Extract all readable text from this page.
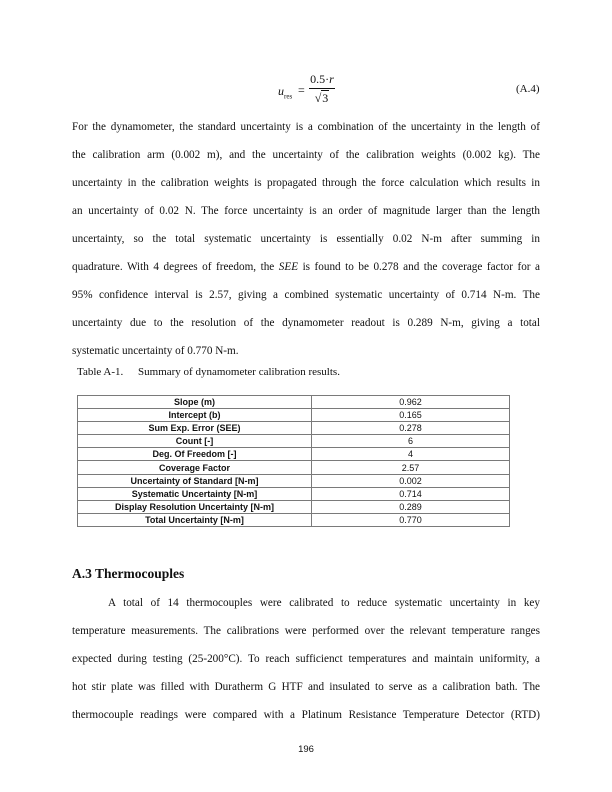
$u_{res} = \frac{0.5\cdot r}{√3}$	(A.4)
For the dynamometer, the standard uncertainty is a combination of the uncertainty in the length of
the calibration arm (0.002 m), and the uncertainty of the calibration weights (0.002 kg). The
uncertainty in the calibration weights is propagated through the force calculation which results in
an uncertainty of 0.02 N. The force uncertainty is an order of magnitude larger than the length
uncertainty, so the total systematic uncertainty is essentially 0.02 N-m after summing in
quadrature. With 4 degrees of freedom, the SEE is found to be 0.278 and the coverage factor for a
95% confidence interval is 2.57, giving a combined systematic uncertainty of 0.714 N-m. The
uncertainty due to the resolution of the dynamometer readout is 0.289 N-m, giving a total
systematic uncertainty of 0.770 N-m.
Table A-1. Summary of dynamometer calibration results.
Slope (m)	0.962
Intercept (b)	0.165
Sum Exp. Error (SEE)	0.278
Count [-]	6
Deg. Of Freedom [-]	4
Coverage Factor	2.57
Uncertainty of Standard [N-m]	0.002
Systematic Uncertainty [N-m]	0.714
Display Resolution Uncertainty [N-m]	0.289
Total Uncertainty [N-m]	0.770
A.3 Thermocouples
A total of 14 thermocouples were calibrated to reduce systematic uncertainty in key
temperature measurements. The calibrations were performed over the relevant temperature ranges
expected during testing (25-200°C). To reach sufficienct temperatures and maintain uniformity, a
hot stir plate was filled with Duratherm G HTF and insulated to serve as a calibration bath. The
thermocouple readings were compared with a Platinum Resistance Temperature Detector (RTD)
196
